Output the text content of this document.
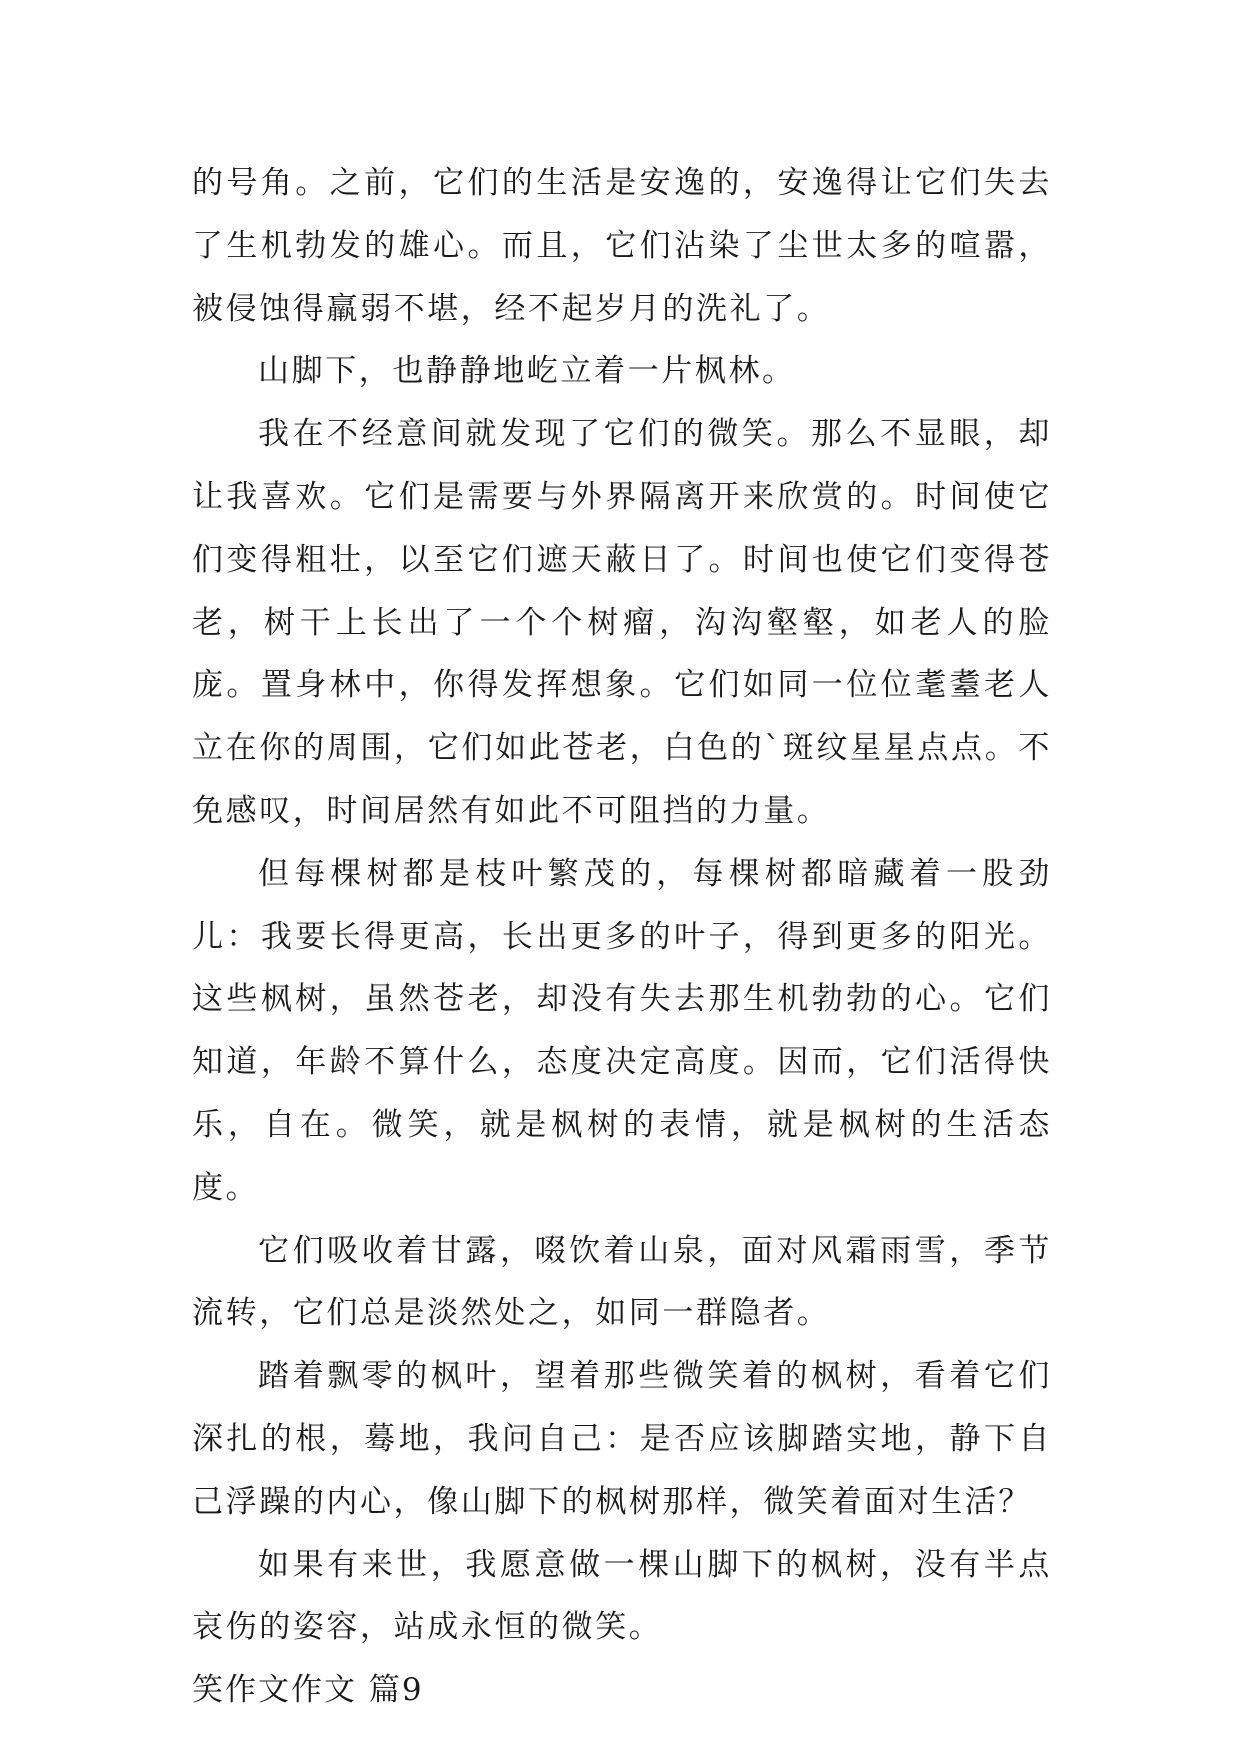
的号角。之前，它们的生活是安逸的，安逸得让它们失去了生机勃发的雄心。而且，它们沾染了尘世太多的喧嚣，被侵蚀得羸弱不堪，经不起岁月的洗礼了。

山脚下，也静静地屹立着一片枫林。

我在不经意间就发现了它们的微笑。那么不显眼，却让我喜欢。它们是需要与外界隔离开来欣赏的。时间使它们变得粗壮，以至它们遮天蔽日了。时间也使它们变得苍老，树干上长出了一个个树瘤，沟沟壑壑，如老人的脸庞。置身林中，你得发挥想象。它们如同一位位耄耋老人立在你的周围，它们如此苍老，白色的`斑纹星星点点。不免感叹，时间居然有如此不可阻挡的力量。

但每棵树都是枝叶繁茂的，每棵树都暗藏着一股劲儿：我要长得更高，长出更多的叶子，得到更多的阳光。这些枫树，虽然苍老，却没有失去那生机勃勃的心。它们知道，年龄不算什么，态度决定高度。因而，它们活得快乐，自在。微笑，就是枫树的表情，就是枫树的生活态度。

它们吸收着甘露，啜饮着山泉，面对风霜雨雪，季节流转，它们总是淡然处之，如同一群隐者。

踏着飘零的枫叶，望着那些微笑着的枫树，看着它们深扎的根，蓦地，我问自己：是否应该脚踏实地，静下自己浮躁的内心，像山脚下的枫树那样，微笑着面对生活？

如果有来世，我愿意做一棵山脚下的枫树，没有半点哀伤的姿容，站成永恒的微笑。

笑作文作文 篇9
